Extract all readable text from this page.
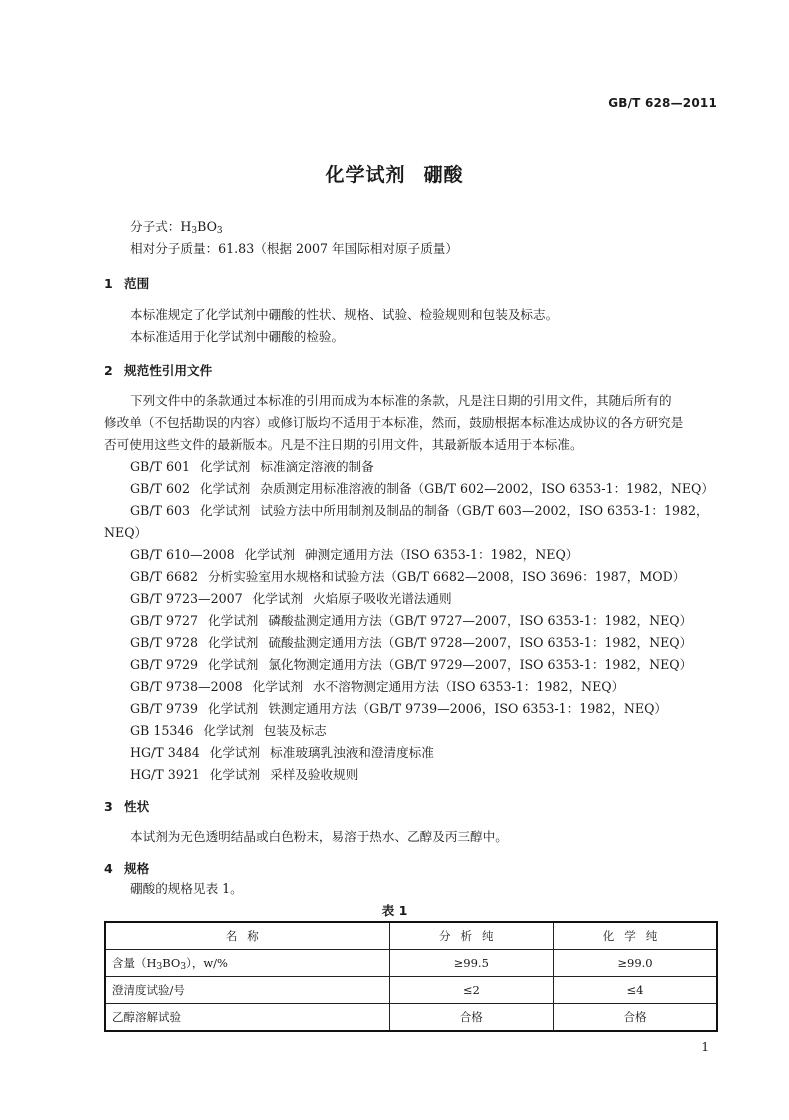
GB/T 628—2011
化学试剂 硼酸
分子式：$H_3BO_3$
相对分子质量：61.83（根据 2007 年国际相对原子质量）
1 范围
本标准规定了化学试剂中硼酸的性状、规格、试验、检验规则和包装及标志。
本标准适用于化学试剂中硼酸的检验。
2 规范性引用文件
下列文件中的条款通过本标准的引用而成为本标准的条款，凡是注日期的引用文件，其随后所有的
修改单（不包括勘误的内容）或修订版均不适用于本标准，然而，鼓励根据本标准达成协议的各方研究是
否可使用这些文件的最新版本。凡是不注日期的引用文件，其最新版本适用于本标准。
GB/T 601 化学试剂 标准滴定溶液的制备
GB/T 602 化学试剂 杂质测定用标准溶液的制备（GB/T 602—2002，ISO 6353-1：1982，NEQ）
GB/T 603 化学试剂 试验方法中所用制剂及制品的制备（GB/T 603—2002，ISO 6353-1：1982，
NEQ）
GB/T 610—2008 化学试剂 砷测定通用方法（ISO 6353-1：1982，NEQ）
GB/T 6682 分析实验室用水规格和试验方法（GB/T 6682—2008，ISO 3696：1987，MOD）
GB/T 9723—2007 化学试剂 火焰原子吸收光谱法通则
GB/T 9727 化学试剂 磷酸盐测定通用方法（GB/T 9727—2007，ISO 6353-1：1982，NEQ）
GB/T 9728 化学试剂 硫酸盐测定通用方法（GB/T 9728—2007，ISO 6353-1：1982，NEQ）
GB/T 9729 化学试剂 氯化物测定通用方法（GB/T 9729—2007，ISO 6353-1：1982，NEQ）
GB/T 9738—2008 化学试剂 水不溶物测定通用方法（ISO 6353-1：1982，NEQ）
GB/T 9739 化学试剂 铁测定通用方法（GB/T 9739—2006，ISO 6353-1：1982，NEQ）
GB 15346 化学试剂 包装及标志
HG/T 3484 化学试剂 标准玻璃乳浊液和澄清度标准
HG/T 3921 化学试剂 采样及验收规则
3 性状
本试剂为无色透明结晶或白色粉末，易溶于热水、乙醇及丙三醇中。
4 规格
硼酸的规格见表 1。
表 1
名称	分析纯	化学纯
含量$(H_3BO_3)$，w/%	≥99.5	≥99.0
澄清度试验/号	≤2	≤4
乙醇溶解试验	合格	合格
1
